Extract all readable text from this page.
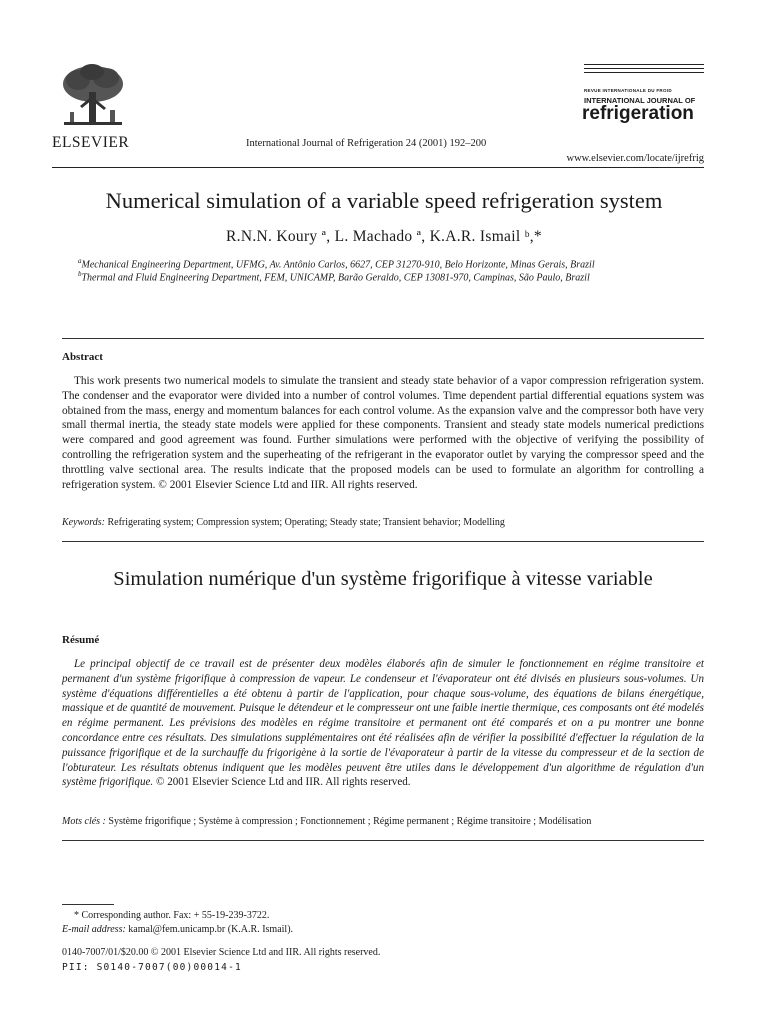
ELSEVIER	International Journal of Refrigeration 24 (2001) 192–200
REVUE INTERNATIONALE DU FROID
INTERNATIONAL JOURNAL OF
refrigeration
www.elsevier.com/locate/ijrefrig
Numerical simulation of a variable speed refrigeration system
R.N.N. Koury ª, L. Machado ª, K.A.R. Ismail ᵇ,*
$^a$Mechanical Engineering Department, UFMG, Av. Antônio Carlos, 6627, CEP 31270-910, Belo Horizonte, Minas Gerais, Brazil
$^b$Thermal and Fluid Engineering Department, FEM, UNICAMP, Barão Geraldo, CEP 13081-970, Campinas, São Paulo, Brazil
Abstract
This work presents two numerical models to simulate the transient and steady state behavior of a vapor compression refrigeration system. The condenser and the evaporator were divided into a number of control volumes. Time dependent partial differential equations system was obtained from the mass, energy and momentum balances for each control volume. As the expansion valve and the compressor both have very small thermal inertia, the steady state models were applied for these components. Transient and steady state models numerical predictions were compared and good agreement was found. Further simulations were performed with the objective of verifying the possibility of controlling the refrigeration system and the superheating of the refrigerant in the evaporator outlet by varying the compressor speed and the throttling valve sectional area. The results indicate that the proposed models can be used to formulate an algorithm for controlling a refrigeration system. © 2001 Elsevier Science Ltd and IIR. All rights reserved.
Keywords: Refrigerating system; Compression system; Operating; Steady state; Transient behavior; Modelling
Simulation numérique d'un système frigorifique à vitesse variable
Résumé
Le principal objectif de ce travail est de présenter deux modèles élaborés afin de simuler le fonctionnement en régime transitoire et permanent d'un système frigorifique à compression de vapeur. Le condenseur et l'évaporateur ont été divisés en plusieurs sous-volumes. Un système d'équations différentielles a été obtenu à partir de l'application, pour chaque sous-volume, des équations de bilans énergétique, massique et de quantité de mouvement. Puisque le détendeur et le compresseur ont une faible inertie thermique, ces composants ont été modelés en régime permanent. Les prévisions des modèles en régime transitoire et permanent ont été comparés et on a pu montrer une bonne concordance entre ces résultats. Des simulations supplémentaires ont été réalisées afin de vérifier la possibilité d'effectuer la régulation de la puissance frigorifique et de la surchauffe du frigorigène à la sortie de l'évaporateur à partir de la vitesse du compresseur et de la section de l'obturateur. Les résultats obtenus indiquent que les modèles peuvent être utiles dans le développement d'un algorithme de régulation d'un système frigorifique. © 2001 Elsevier Science Ltd and IIR. All rights reserved.
Mots clés : Système frigorifique ; Système à compression ; Fonctionnement ; Régime permanent ; Régime transitoire ; Modélisation
* Corresponding author. Fax: + 55-19-239-3722.
E-mail address: kamal@fem.unicamp.br (K.A.R. Ismail).
0140-7007/01/$20.00 © 2001 Elsevier Science Ltd and IIR. All rights reserved.
PII: S0140-7007(00)00014-1
